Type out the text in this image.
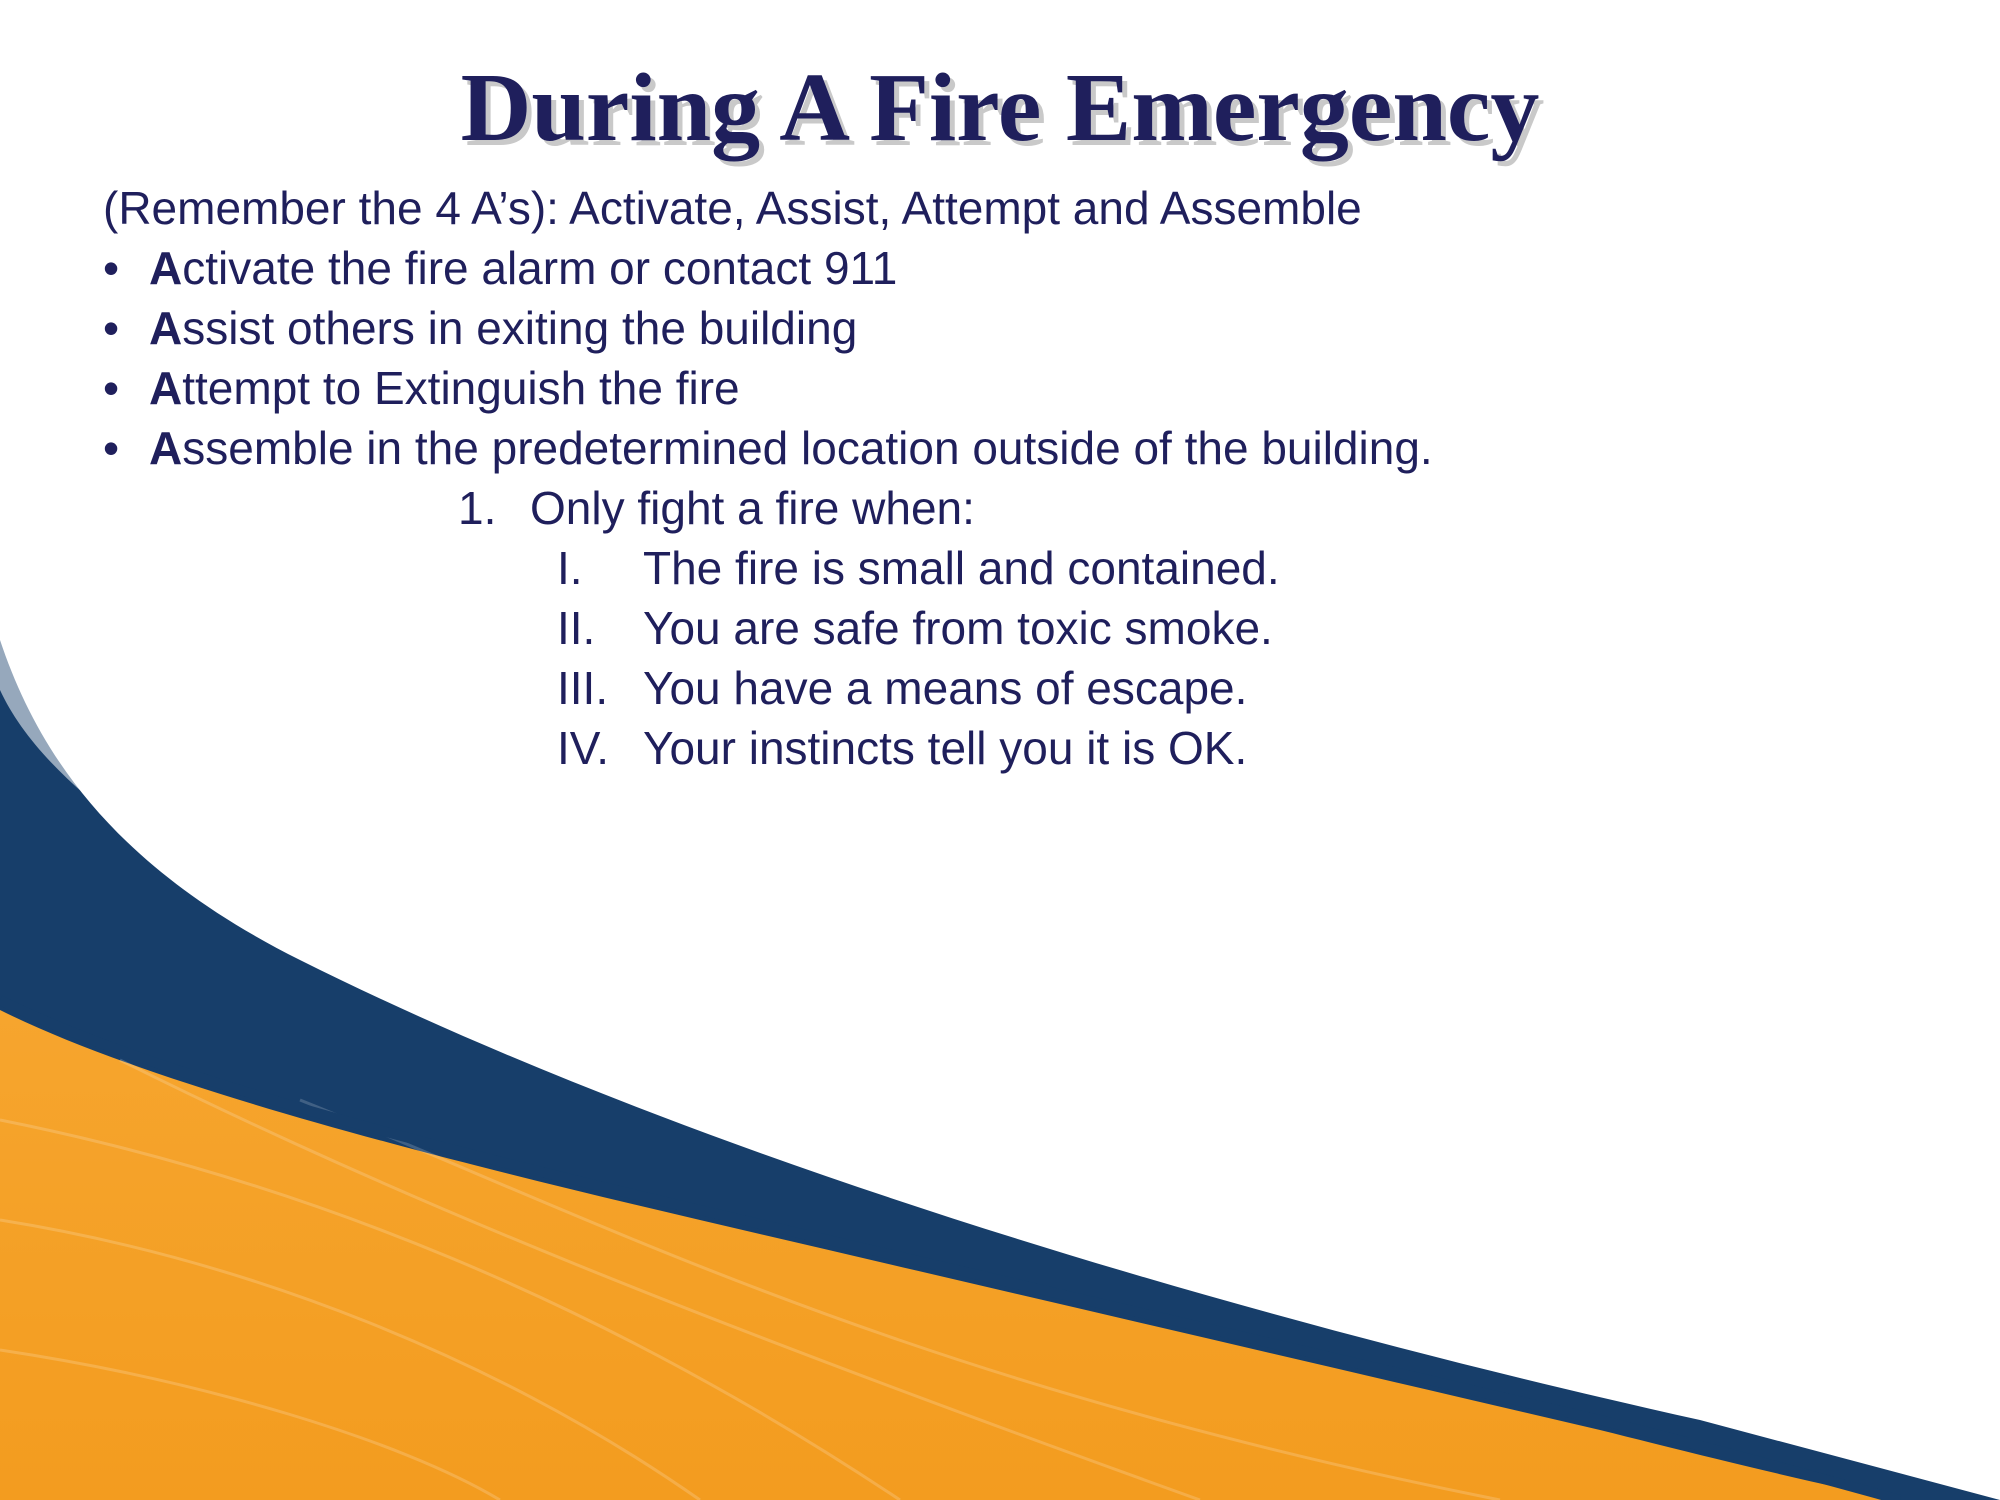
During A Fire Emergency

(Remember the 4 A’s): Activate, Assist, Attempt and Assemble

• Activate the fire alarm or contact 911
• Assist others in exiting the building
• Attempt to Extinguish the fire
• Assemble in the predetermined location outside of the building.
1. Only fight a fire when:
I. The fire is small and contained.
II. You are safe from toxic smoke.
III. You have a means of escape.
IV. Your instincts tell you it is OK.
